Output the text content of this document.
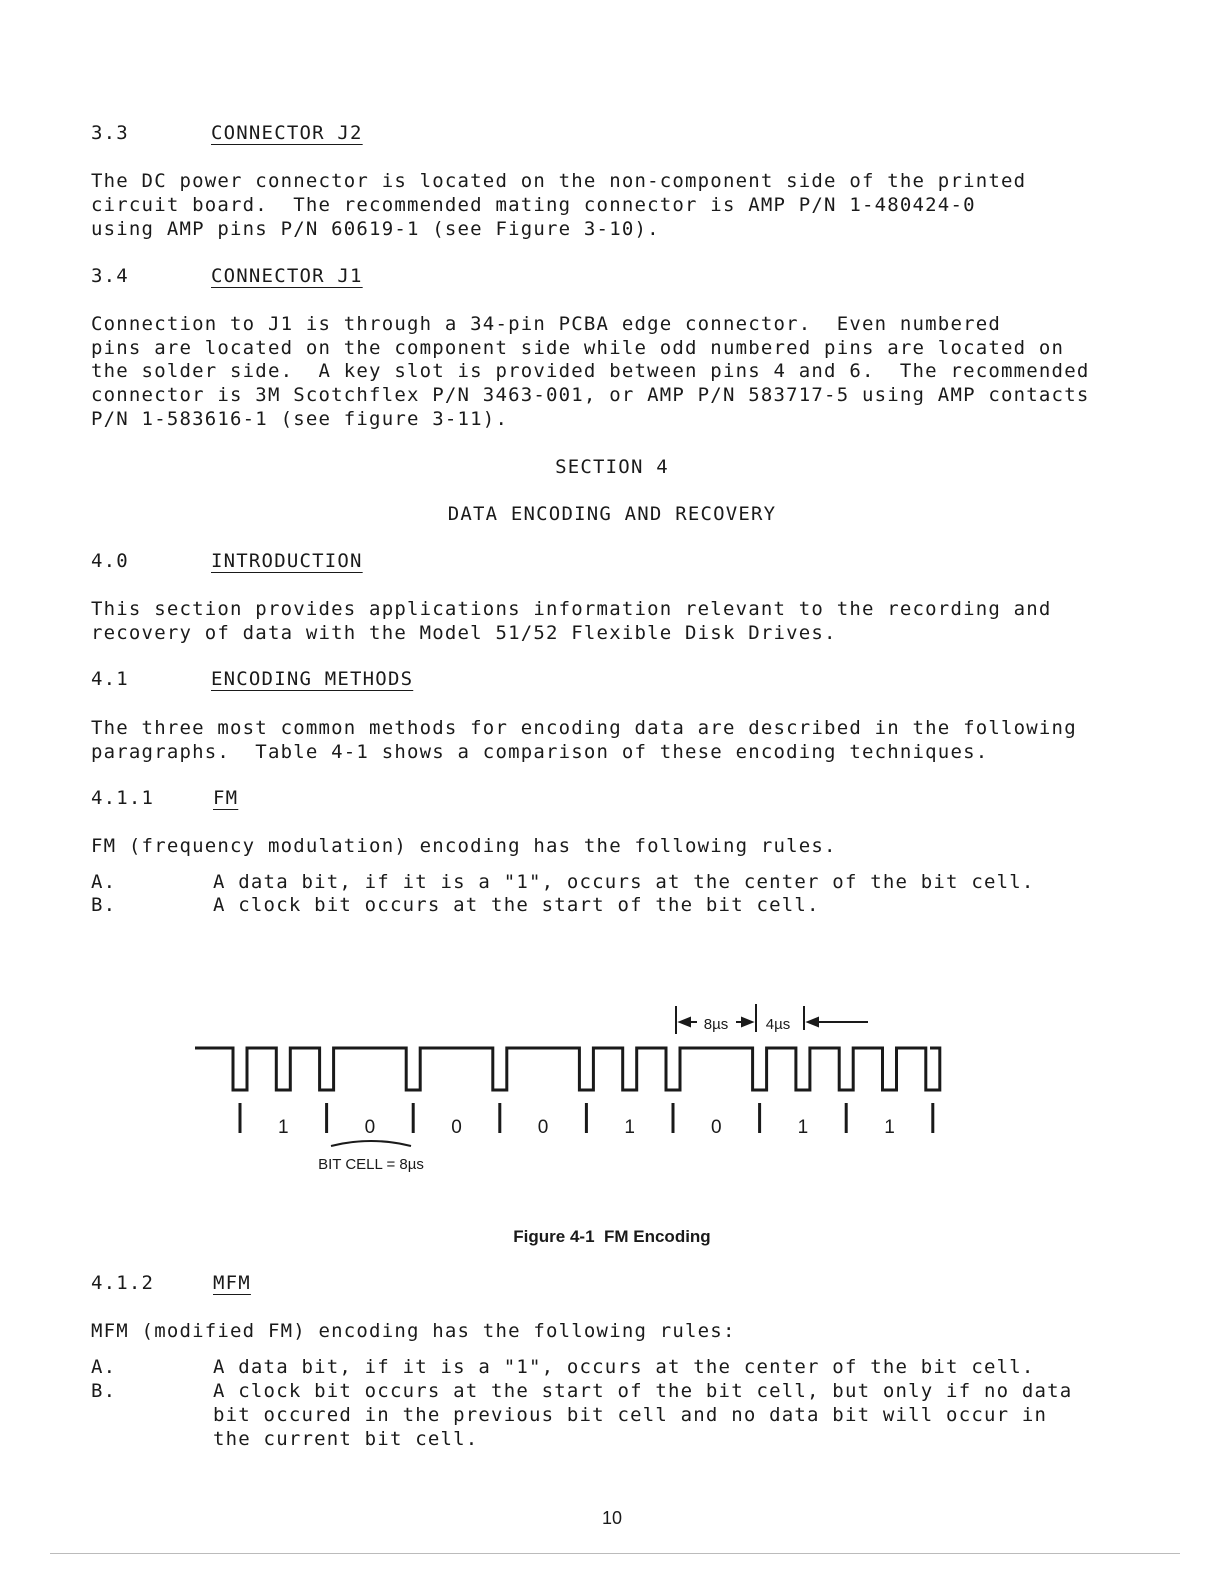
3.3	CONNECTOR J2
The DC power connector is located on the non-component side of the printed
circuit board.  The recommended mating connector is AMP P/N 1-480424-0
using AMP pins P/N 60619-1 (see Figure 3-10).
3.4	CONNECTOR J1
Connection to J1 is through a 34-pin PCBA edge connector.  Even numbered
pins are located on the component side while odd numbered pins are located on
the solder side.  A key slot is provided between pins 4 and 6.  The recommended
connector is 3M Scotchflex P/N 3463-001, or AMP P/N 583717-5 using AMP contacts
P/N 1-583616-1 (see figure 3-11).
SECTION 4
DATA ENCODING AND RECOVERY
4.0	INTRODUCTION
This section provides applications information relevant to the recording and
recovery of data with the Model 51/52 Flexible Disk Drives.
4.1	ENCODING METHODS
The three most common methods for encoding data are described in the following
paragraphs.  Table 4-1 shows a comparison of these encoding techniques.
4.1.1	FM
FM (frequency modulation) encoding has the following rules.
A.	A data bit, if it is a "1", occurs at the center of the bit cell.
B.	A clock bit occurs at the start of the bit cell.
1	0	0	0	1	0	1	1
8µs	4µs
BIT CELL = 8µs
Figure 4-1  FM Encoding
4.1.2	MFM
MFM (modified FM) encoding has the following rules:
A.	A data bit, if it is a "1", occurs at the center of the bit cell.
B.	A clock bit occurs at the start of the bit cell, but only if no data
bit occured in the previous bit cell and no data bit will occur in
the current bit cell.
10
